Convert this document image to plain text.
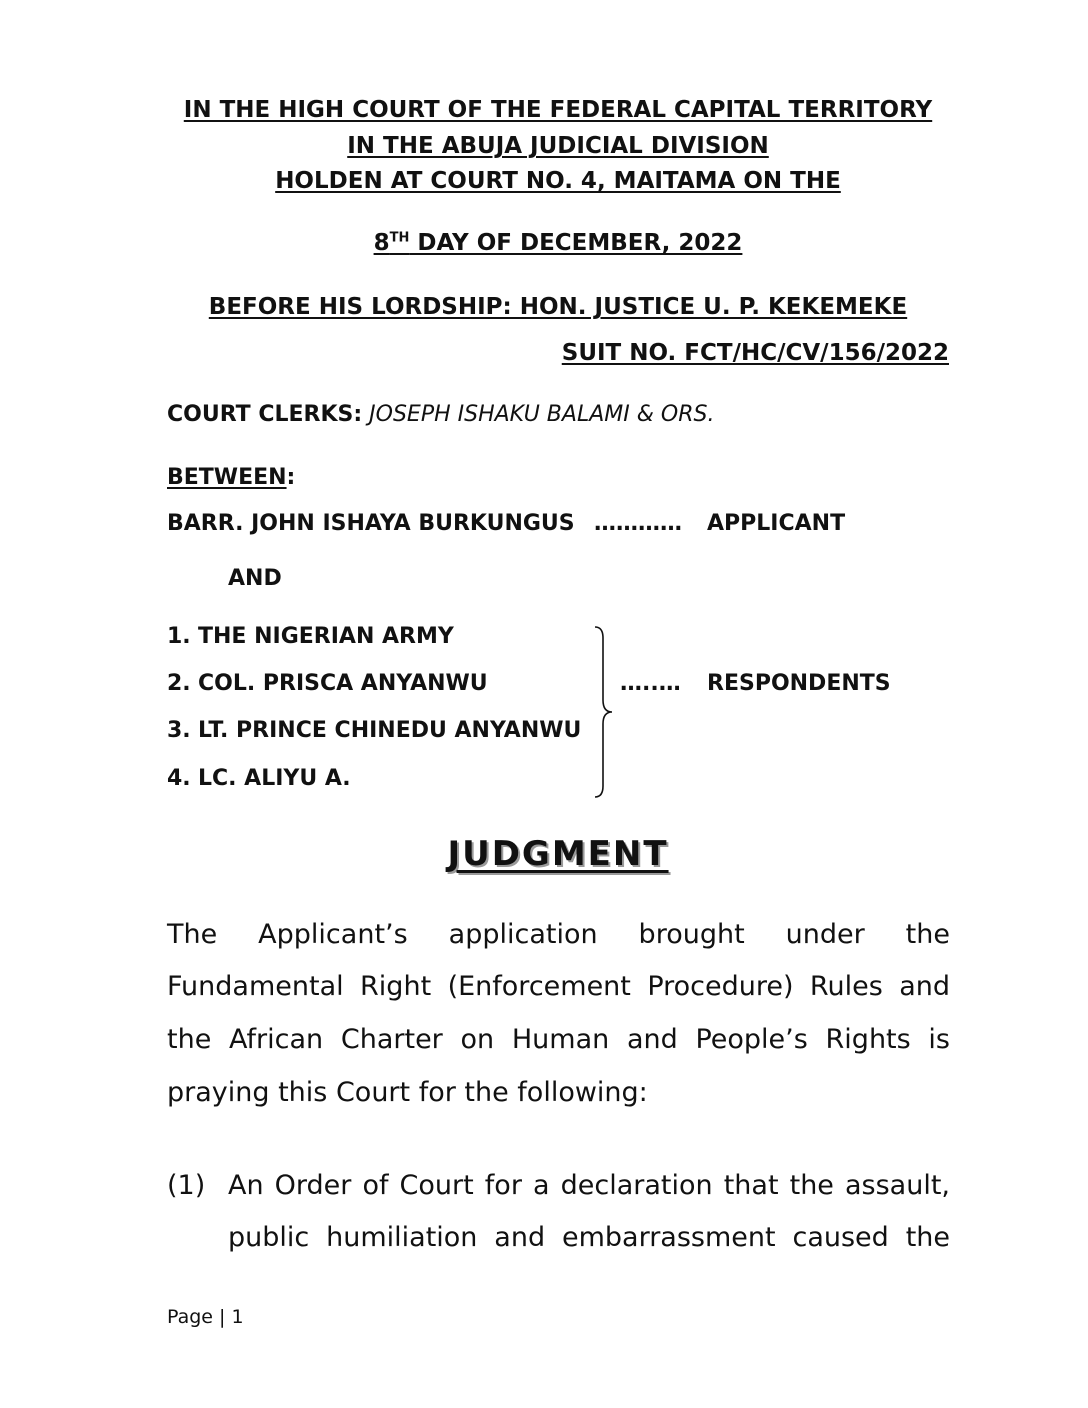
IN THE HIGH COURT OF THE FEDERAL CAPITAL TERRITORY
IN THE ABUJA JUDICIAL DIVISION
HOLDEN AT COURT NO. 4, MAITAMA ON THE
8TH DAY OF DECEMBER, 2022
BEFORE HIS LORDSHIP: HON. JUSTICE U. P. KEKEMEKE
SUIT NO. FCT/HC/CV/156/2022
COURT CLERKS: JOSEPH ISHAKU BALAMI & ORS.
BETWEEN:
BARR. JOHN ISHAYA BURKUNGUS ………… APPLICANT
AND
1. THE NIGERIAN ARMY
2. COL. PRISCA ANYANWU
3. LT. PRINCE CHINEDU ANYANWU
4. LC. ALIYU A.
…..… RESPONDENTS
JUDGMENT
The Applicant’s application brought under the
Fundamental Right (Enforcement Procedure) Rules and
the African Charter on Human and People’s Rights is
praying this Court for the following:
(1) An Order of Court for a declaration that the assault,
public humiliation and embarrassment caused the
Page | 1
